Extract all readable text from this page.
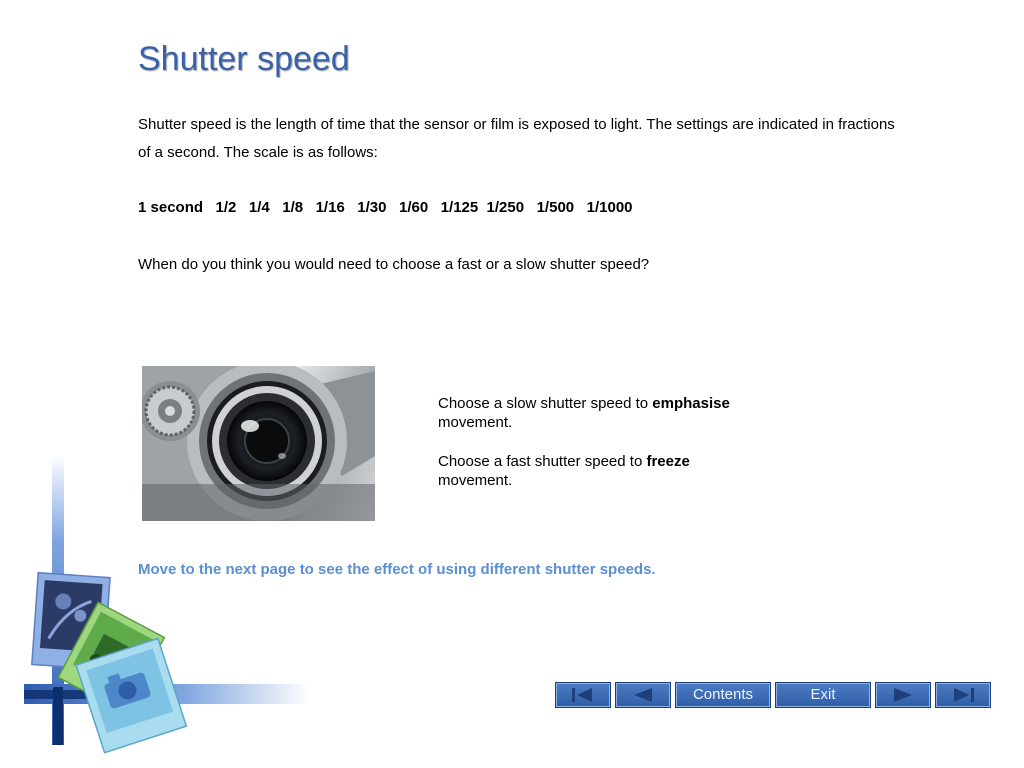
Shutter speed

Shutter speed is the length of time that the sensor or film is exposed to light. The settings are indicated in fractions of a second. The scale is as follows:

1 second   1/2   1/4   1/8   1/16   1/30   1/60   1/125  1/250   1/500   1/1000

When do you think you would need to choose a fast or a slow shutter speed?

Choose a slow shutter speed to emphasise movement.

Choose a fast shutter speed to freeze movement.

Move to the next page to see the effect of using different shutter speeds.

Contents	Exit
